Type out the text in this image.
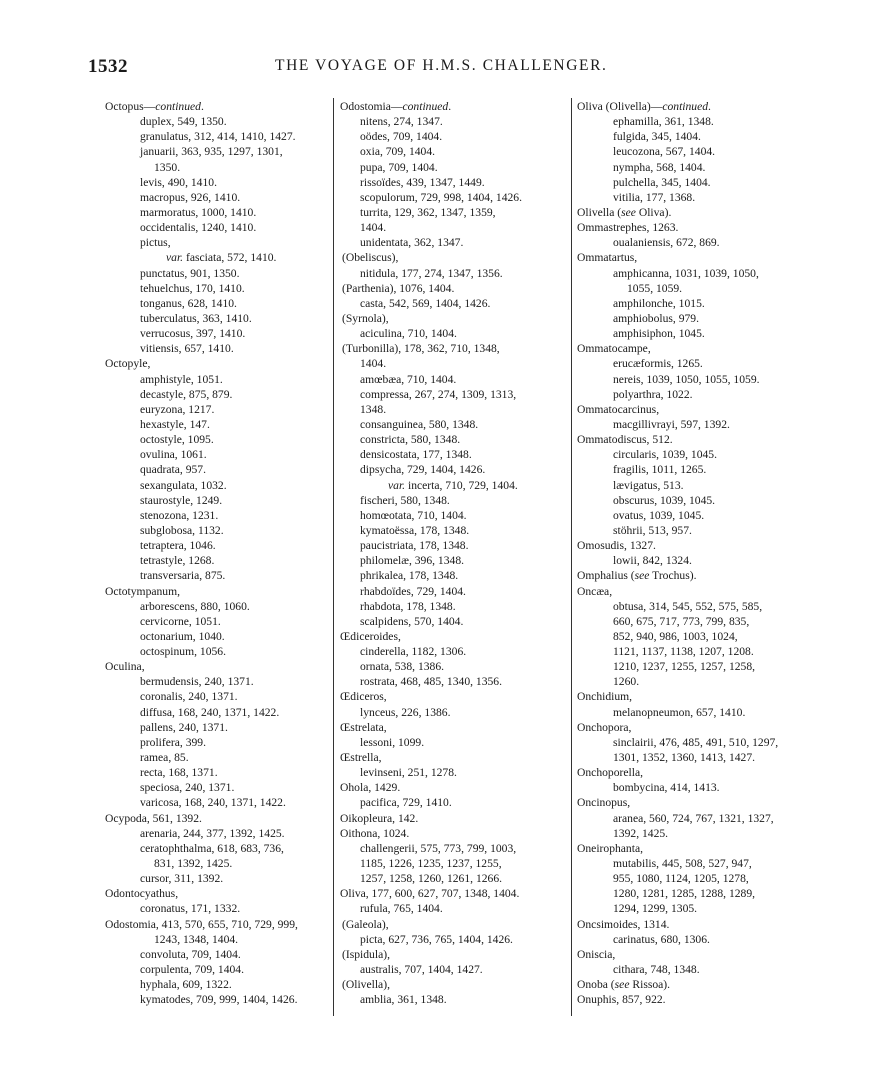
1532	THE VOYAGE OF H.M.S. CHALLENGER.
Octopus—continued.
duplex, 549, 1350.
granulatus, 312, 414, 1410, 1427.
januarii, 363, 935, 1297, 1301,
1350.
levis, 490, 1410.
macropus, 926, 1410.
marmoratus, 1000, 1410.
occidentalis, 1240, 1410.
pictus,
var. fasciata, 572, 1410.
punctatus, 901, 1350.
tehuelchus, 170, 1410.
tonganus, 628, 1410.
tuberculatus, 363, 1410.
verrucosus, 397, 1410.
vitiensis, 657, 1410.
Octopyle,
amphistyle, 1051.
decastyle, 875, 879.
euryzona, 1217.
hexastyle, 147.
octostyle, 1095.
ovulina, 1061.
quadrata, 957.
sexangulata, 1032.
staurostyle, 1249.
stenozona, 1231.
subglobosa, 1132.
tetraptera, 1046.
tetrastyle, 1268.
transversaria, 875.
Octotympanum,
arborescens, 880, 1060.
cervicorne, 1051.
octonarium, 1040.
octospinum, 1056.
Oculina,
bermudensis, 240, 1371.
coronalis, 240, 1371.
diffusa, 168, 240, 1371, 1422.
pallens, 240, 1371.
prolifera, 399.
ramea, 85.
recta, 168, 1371.
speciosa, 240, 1371.
varicosa, 168, 240, 1371, 1422.
Ocypoda, 561, 1392.
arenaria, 244, 377, 1392, 1425.
ceratophthalma, 618, 683, 736,
831, 1392, 1425.
cursor, 311, 1392.
Odontocyathus,
coronatus, 171, 1332.
Odostomia, 413, 570, 655, 710, 729, 999,
1243, 1348, 1404.
convoluta, 709, 1404.
corpulenta, 709, 1404.
hyphala, 609, 1322.
kymatodes, 709, 999, 1404, 1426.
Odostomia—continued.
nitens, 274, 1347.
oödes, 709, 1404.
oxia, 709, 1404.
pupa, 709, 1404.
rissoïdes, 439, 1347, 1449.
scopulorum, 729, 998, 1404, 1426.
turrita, 129, 362, 1347, 1359,
1404.
unidentata, 362, 1347.
(Obeliscus),
nitidula, 177, 274, 1347, 1356.
(Parthenia), 1076, 1404.
casta, 542, 569, 1404, 1426.
(Syrnola),
aciculina, 710, 1404.
(Turbonilla), 178, 362, 710, 1348,
1404.
amœbæa, 710, 1404.
compressa, 267, 274, 1309, 1313,
1348.
consanguinea, 580, 1348.
constricta, 580, 1348.
densicostata, 177, 1348.
dipsycha, 729, 1404, 1426.
var. incerta, 710, 729, 1404.
fischeri, 580, 1348.
homœotata, 710, 1404.
kymatoëssa, 178, 1348.
paucistriata, 178, 1348.
philomelæ, 396, 1348.
phrikalea, 178, 1348.
rhabdoïdes, 729, 1404.
rhabdota, 178, 1348.
scalpidens, 570, 1404.
Œdiceroides,
cinderella, 1182, 1306.
ornata, 538, 1386.
rostrata, 468, 485, 1340, 1356.
Œdiceros,
lynceus, 226, 1386.
Œstrelata,
lessoni, 1099.
Œstrella,
levinseni, 251, 1278.
Ohola, 1429.
pacifica, 729, 1410.
Oikopleura, 142.
Oithona, 1024.
challengerii, 575, 773, 799, 1003,
1185, 1226, 1235, 1237, 1255,
1257, 1258, 1260, 1261, 1266.
Oliva, 177, 600, 627, 707, 1348, 1404.
rufula, 765, 1404.
(Galeola),
picta, 627, 736, 765, 1404, 1426.
(Ispidula),
australis, 707, 1404, 1427.
(Olivella),
amblia, 361, 1348.
Oliva (Olivella)—continued.
ephamilla, 361, 1348.
fulgida, 345, 1404.
leucozona, 567, 1404.
nympha, 568, 1404.
pulchella, 345, 1404.
vitilia, 177, 1368.
Olivella (see Oliva).
Ommastrephes, 1263.
oualaniensis, 672, 869.
Ommatartus,
amphicanna, 1031, 1039, 1050,
1055, 1059.
amphilonche, 1015.
amphiobolus, 979.
amphisiphon, 1045.
Ommatocampe,
erucæformis, 1265.
nereis, 1039, 1050, 1055, 1059.
polyarthra, 1022.
Ommatocarcinus,
macgillivrayi, 597, 1392.
Ommatodiscus, 512.
circularis, 1039, 1045.
fragilis, 1011, 1265.
lævigatus, 513.
obscurus, 1039, 1045.
ovatus, 1039, 1045.
stöhrii, 513, 957.
Omosudis, 1327.
lowii, 842, 1324.
Omphalius (see Trochus).
Oncæa,
obtusa, 314, 545, 552, 575, 585,
660, 675, 717, 773, 799, 835,
852, 940, 986, 1003, 1024,
1121, 1137, 1138, 1207, 1208.
1210, 1237, 1255, 1257, 1258,
1260.
Onchidium,
melanopneumon, 657, 1410.
Onchopora,
sinclairii, 476, 485, 491, 510, 1297,
1301, 1352, 1360, 1413, 1427.
Onchoporella,
bombycina, 414, 1413.
Oncinopus,
aranea, 560, 724, 767, 1321, 1327,
1392, 1425.
Oneirophanta,
mutabilis, 445, 508, 527, 947,
955, 1080, 1124, 1205, 1278,
1280, 1281, 1285, 1288, 1289,
1294, 1299, 1305.
Oncsimoides, 1314.
carinatus, 680, 1306.
Oniscia,
cithara, 748, 1348.
Onoba (see Rissoa).
Onuphis, 857, 922.
